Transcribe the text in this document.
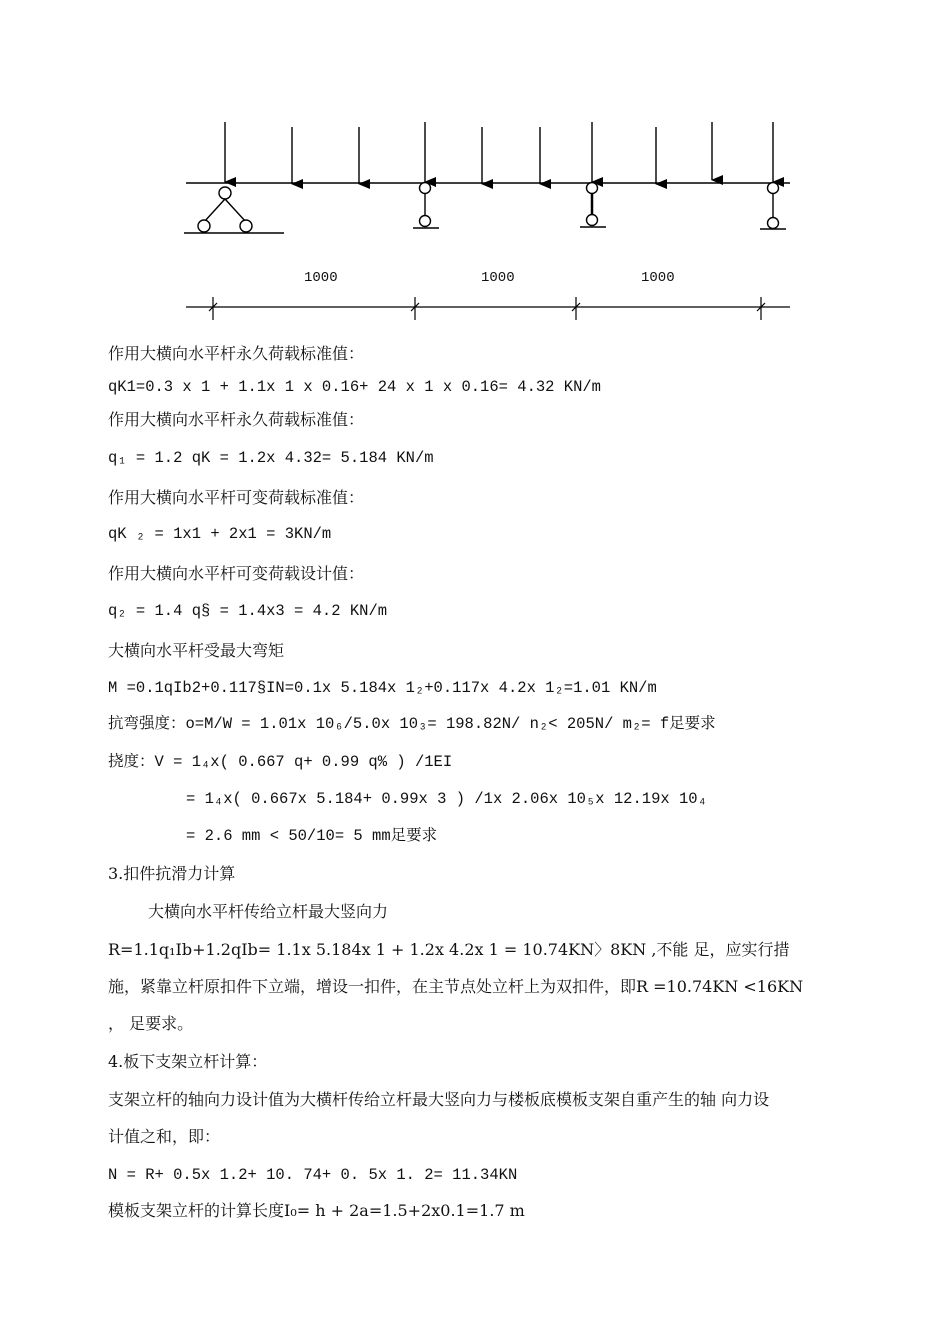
1000	1000	1000
作用大横向水平杆永久荷载标准值：
qK1=0.3 x 1 + 1.1x 1 x 0.16+ 24 x 1 x 0.16= 4.32 KN/m
作用大横向水平杆永久荷载标准值：
q₁ = 1.2 qK = 1.2x 4.32= 5.184 KN/m
作用大横向水平杆可变荷载标准值：
qK ₂ = 1x1 + 2x1 = 3KN/m
作用大横向水平杆可变荷载设计值：
q₂ = 1.4 q§ = 1.4x3 = 4.2 KN/m
大横向水平杆受最大弯矩
M =0.1qIb2+0.117§IN=0.1x 5.184x 1₂+0.117x 4.2x 1₂=1.01 KN/m
抗弯强度：o=M/W = 1.01x 10₆/5.0x 10₃= 198.82N/ n₂< 205N/ m₂= f足要求
挠度：V = 1₄x( 0.667 q+ 0.99 q% ) /1EI
= 1₄x( 0.667x 5.184+ 0.99x 3 ) /1x 2.06x 10₅x 12.19x 10₄
= 2.6 mm < 50/10= 5 mm足要求
3.扣件抗滑力计算
大横向水平杆传给立杆最大竖向力
R=1.1q₁Ib+1.2qIb= 1.1x 5.184x 1 + 1.2x 4.2x 1 = 10.74KN〉8KN ,不能 足，应实行措
施，紧靠立杆原扣件下立端，增设一扣件，在主节点处立杆上为双扣件，即R =10.74KN <16KN
， 足要求。
4.板下支架立杆计算：
支架立杆的轴向力设计值为大横杆传给立杆最大竖向力与楼板底模板支架自重产生的轴 向力设
计值之和，即：
N = R+ 0.5x 1.2+ 10. 74+ 0. 5x 1. 2= 11.34KN
模板支架立杆的计算长度I₀= h + 2a=1.5+2x0.1=1.7 m
